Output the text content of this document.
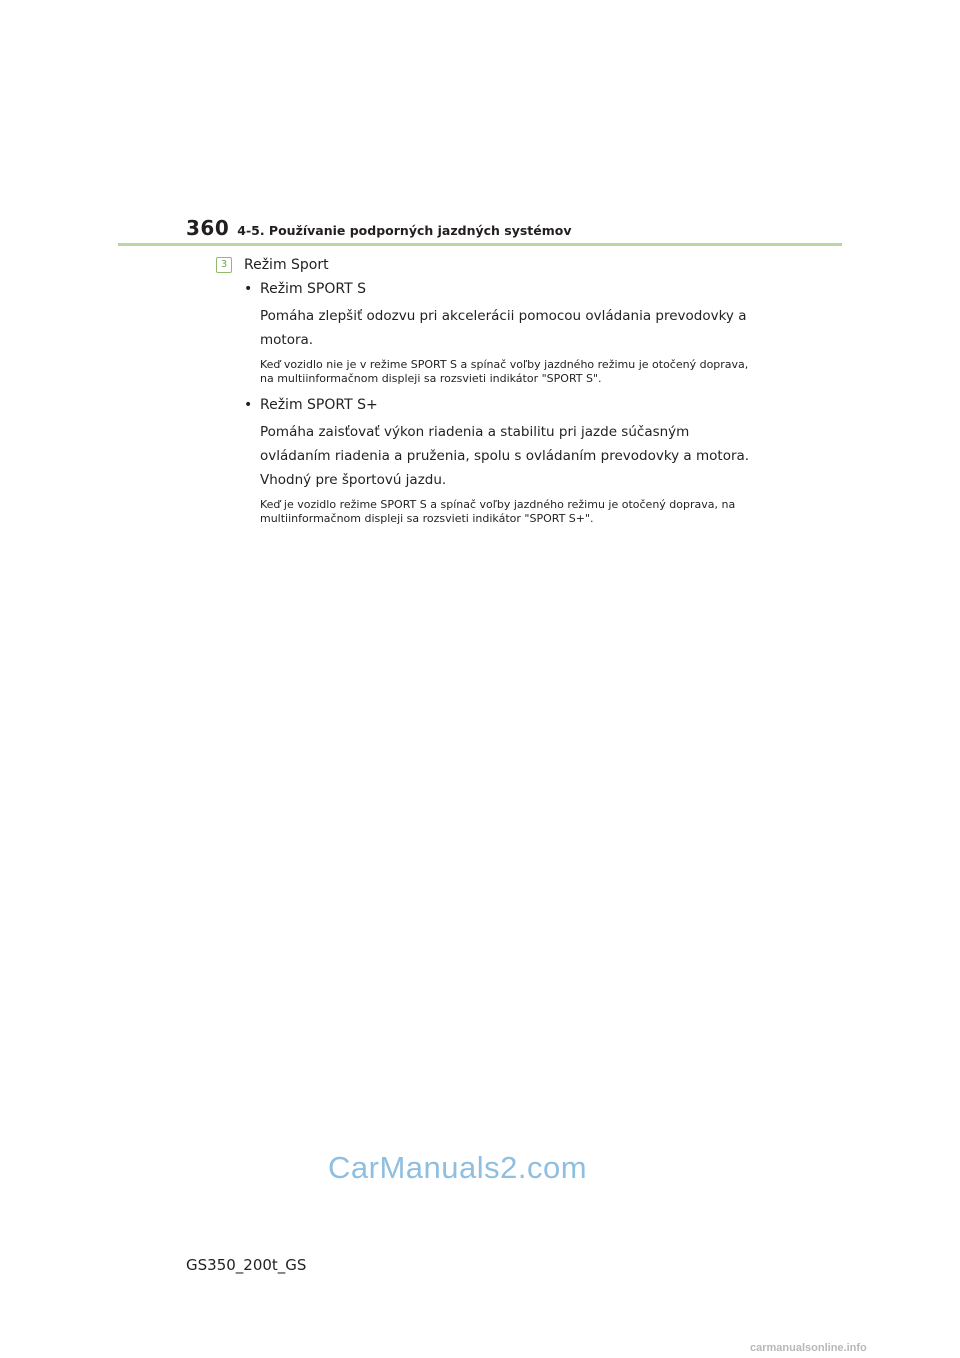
360 4-5. Používanie podporných jazdných systémov
3	Režim Sport
• Režim SPORT S
Pomáha zlepšiť odozvu pri akcelerácii pomocou ovládania prevodovky a motora.
Keď vozidlo nie je v režime SPORT S a spínač voľby jazdného režimu je otočený doprava, na multiinformačnom displeji sa rozsvieti indikátor "SPORT S".
• Režim SPORT S+
Pomáha zaisťovať výkon riadenia a stabilitu pri jazde súčasným ovládaním riadenia a pruženia, spolu s ovládaním prevodovky a motora. Vhodný pre športovú jazdu.
Keď je vozidlo režime SPORT S a spínač voľby jazdného režimu je otočený doprava, na multiinformačnom displeji sa rozsvieti indikátor "SPORT S+".
CarManuals2.com
GS350_200t_GS
carmanualsonline.info
